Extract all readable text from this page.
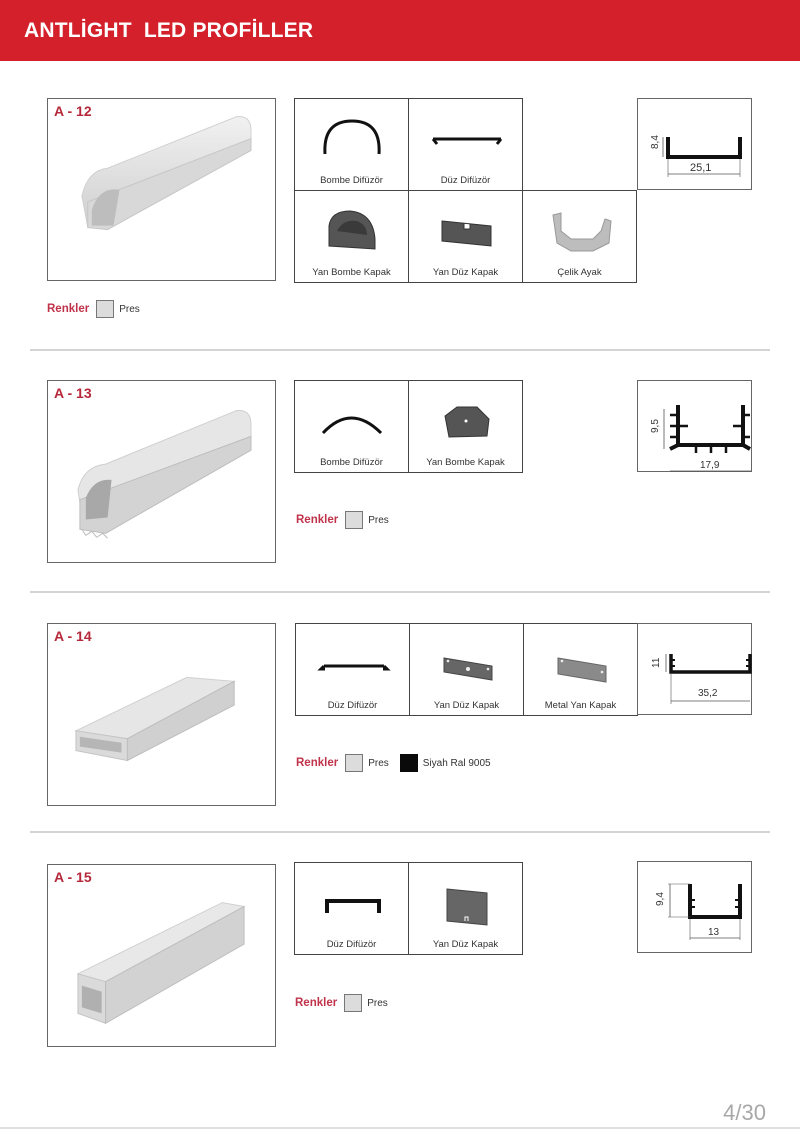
ANTLİGHT  LED PROFİLLER
A - 12
Renkler	Pres
Bombe Difüzör	Düz Difüzör
Yan Bombe Kapak	Yan Düz Kapak	Çelik Ayak
8,4
25,1
A - 13
Bombe Difüzör	Yan Bombe Kapak
Renkler	Pres
9,5
17,9
A - 14
Düz Difüzör	Yan Düz Kapak	Metal Yan Kapak
11
35,2
Renkler	Pres	Siyah Ral 9005
A - 15
Düz Difüzör	Yan Düz Kapak
Renkler	Pres
9,4
13
4/30
